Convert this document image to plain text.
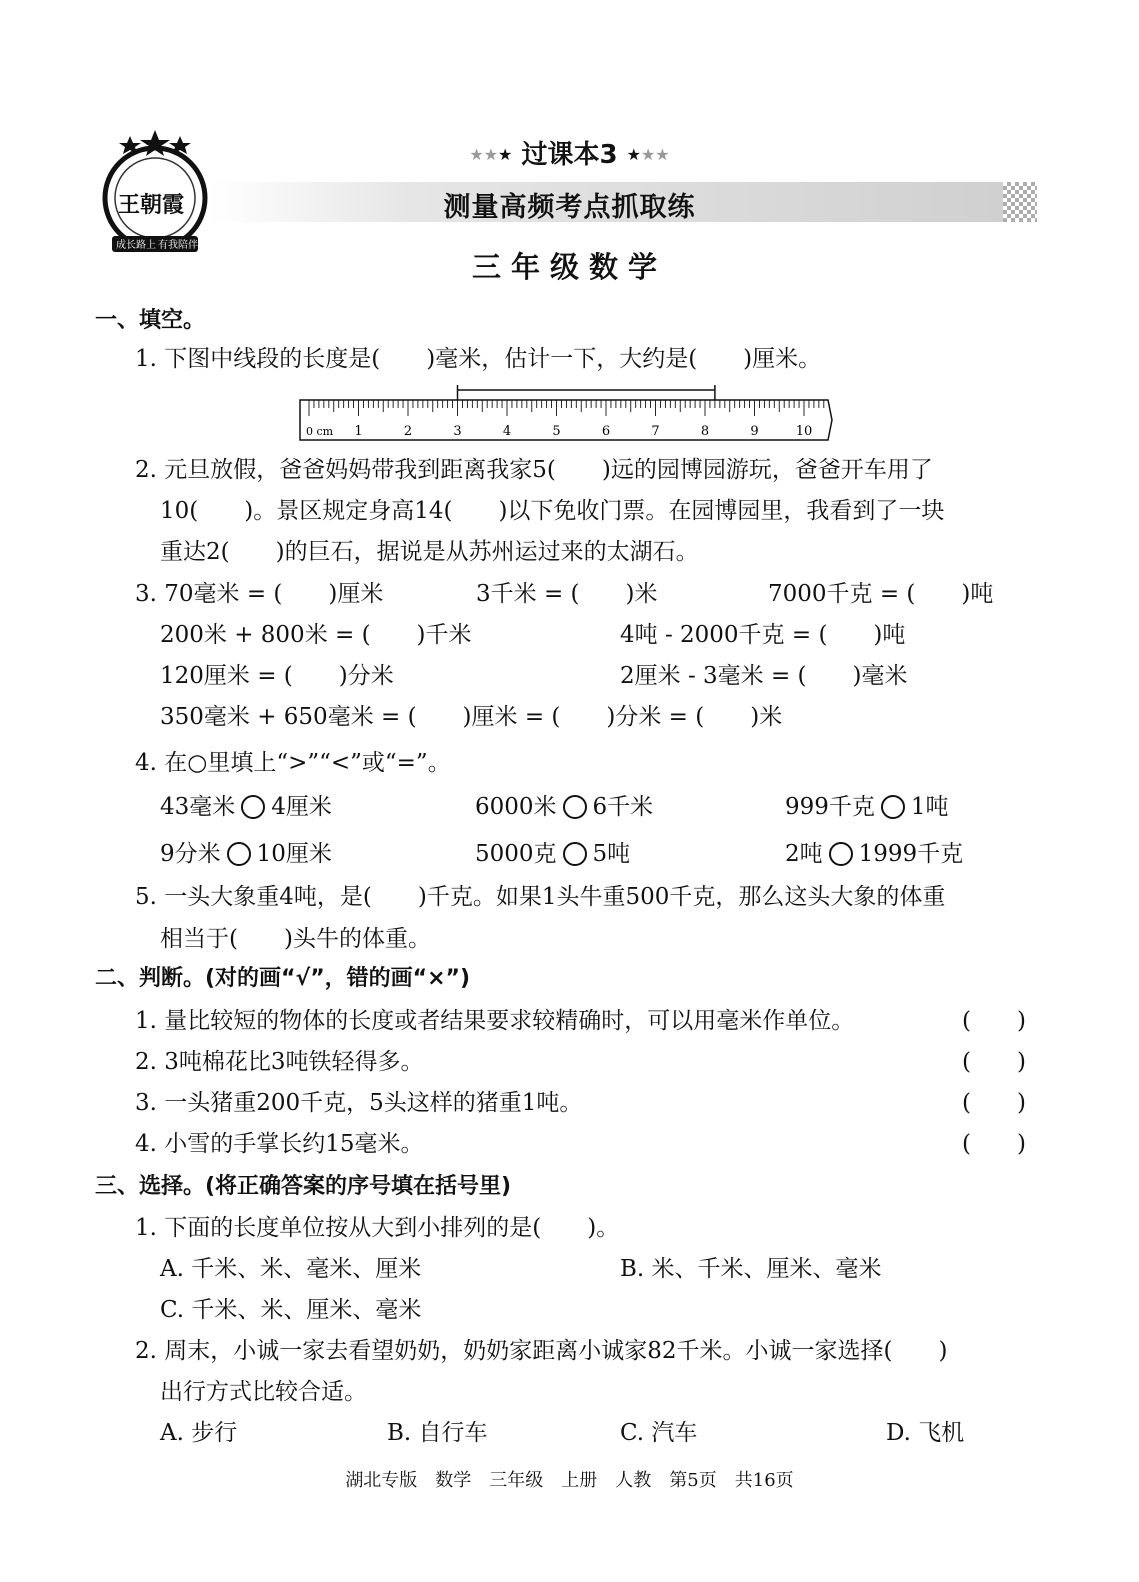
王朝霞
成长路上 有我陪伴
★★★ 过课本3 ★★★
测量高频考点抓取练
三年级数学
一、填空。
1. 下图中线段的长度是(　　)毫米，估计一下，大约是(　　)厘米。
0 cm 1	2	3	4	5	6	7	8	9	10
2. 元旦放假，爸爸妈妈带我到距离我家5(　　)远的园博园游玩，爸爸开车用了
10(　　)。景区规定身高14(　　)以下免收门票。在园博园里，我看到了一块
重达2(　　)的巨石，据说是从苏州运过来的太湖石。
3. 70毫米 = (　　)厘米	3千米 = (　　)米	7000千克 = (　　)吨
200米 + 800米 = (　　)千米	4吨 - 2000千克 = (　　)吨
120厘米 = (　　)分米	2厘米 - 3毫米 = (　　)毫米
350毫米 + 650毫米 = (　　)厘米 = (　　)分米 = (　　)米
4. 在○里填上“>”“<”或“=”。
43毫米 4厘米	6000米 6千米	999千克 1吨
9分米 10厘米	5000克 5吨	2吨 1999千克
5. 一头大象重4吨，是(　　)千克。如果1头牛重500千克，那么这头大象的体重
相当于(　　)头牛的体重。
二、判断。(对的画“√”，错的画“×”)
1. 量比较短的物体的长度或者结果要求较精确时，可以用毫米作单位。	(　　)
2. 3吨棉花比3吨铁轻得多。	(　　)
3. 一头猪重200千克，5头这样的猪重1吨。	(　　)
4. 小雪的手掌长约15毫米。	(　　)
三、选择。(将正确答案的序号填在括号里)
1. 下面的长度单位按从大到小排列的是(　　)。
A. 千米、米、毫米、厘米	B. 米、千米、厘米、毫米
C. 千米、米、厘米、毫米
2. 周末，小诚一家去看望奶奶，奶奶家距离小诚家82千米。小诚一家选择(　　)
出行方式比较合适。
A. 步行	B. 自行车	C. 汽车	D. 飞机
湖北专版　数学　三年级　上册　人教　第5页　共16页
